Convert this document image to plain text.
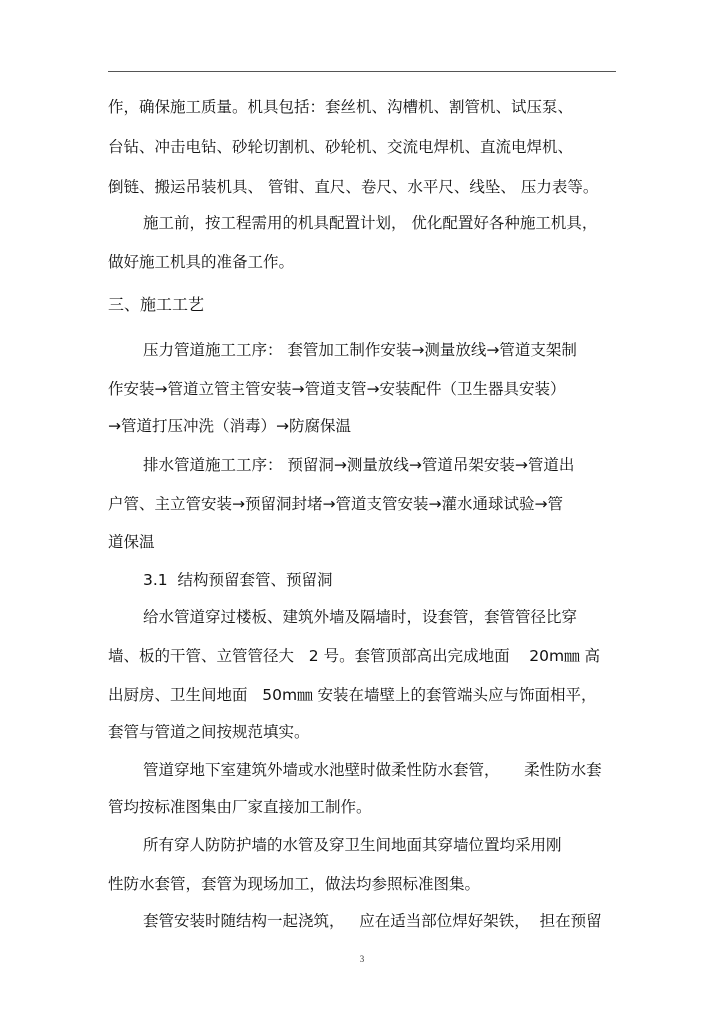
作，确保施工质量。机具包括：套丝机、沟槽机、割管机、试压泵、
台钻、冲击电钻、砂轮切割机、砂轮机、交流电焊机、直流电焊机、
倒链、搬运吊装机具、 管钳、直尺、卷尺、水平尺、线坠、 压力表等。
施工前，按工程需用的机具配置计划， 优化配置好各种施工机具，
做好施工机具的准备工作。
三、施工工艺
压力管道施工工序： 套管加工制作安装→测量放线→管道支架制
作安装→管道立管主管安装→管道支管→安装配件（卫生器具安装）
→管道打压冲洗（消毒）→防腐保温
排水管道施工工序： 预留洞→测量放线→管道吊架安装→管道出
户管、主立管安装→预留洞封堵→管道支管安装→灌水通球试验→管
道保温
3.1  结构预留套管、预留洞
给水管道穿过楼板、建筑外墙及隔墙时，设套管，套管管径比穿
墙、板的干管、立管管径大   2 号。套管顶部高出完成地面    20m㎜ 高
出厨房、卫生间地面   50m㎜ 安装在墙壁上的套管端头应与饰面相平，
套管与管道之间按规范填实。
管道穿地下室建筑外墙或水池壁时做柔性防水套管，     柔性防水套
管均按标准图集由厂家直接加工制作。
所有穿人防防护墙的水管及穿卫生间地面其穿墙位置均采用刚
性防水套管，套管为现场加工，做法均参照标准图集。
套管安装时随结构一起浇筑，   应在适当部位焊好架铁，  担在预留
3
